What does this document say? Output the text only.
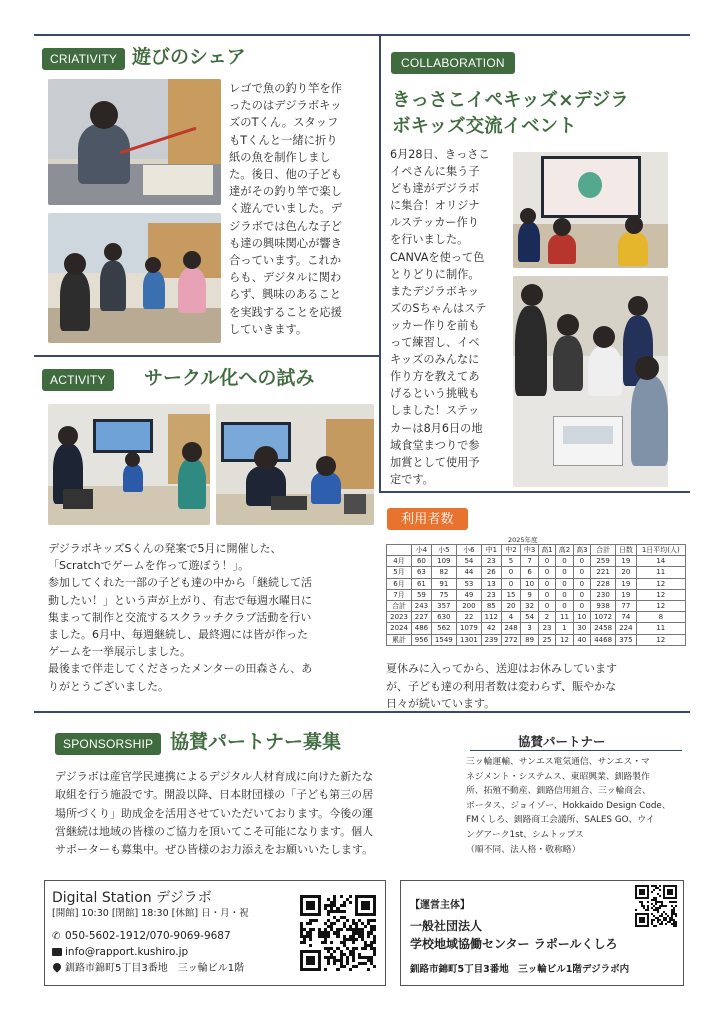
CRIATIVITY 遊びのシェア
レゴで魚の釣り竿を作
ったのはデジラボキッ
ズのTくん。スタッフ
もTくんと一緒に折り
紙の魚を制作しまし
た。後日、他の子ども
達がその釣り竿で楽し
く遊んでいました。デ
ジラボでは色んな子ど
も達の興味関心が響き
合っています。これか
らも、デジタルに関わ
らず、興味のあること
を実践することを応援
していきます。
ACTIVITY	サークル化への試み
デジラボキッズSくんの発案で5月に開催した、
「Scratchでゲームを作って遊ぼう！」。
参加してくれた一部の子ども達の中から「継続して活
動したい！」という声が上がり、有志で毎週水曜日に
集まって制作と交流するスクラッチクラブ活動を行い
ました。6月中、毎週継続し、最終週には皆が作った
ゲームを一挙展示しました。
最後まで伴走してくださったメンターの田森さん、あ
りがとうございました。
COLLABORATION
きっさこイペキッズ×デジラ
ボキッズ交流イベント
6月28日、きっさこ
イペさんに集う子
ども達がデジラボ
に集合！オリジナ
ルステッカー作り
を行いました。
CANVAを使って色
とりどりに制作。
またデジラボキッ
ズのSちゃんはステ
ッカー作りを前も
って練習し、イベ
キッズのみんなに
作り方を教えてあ
げるという挑戦も
しました！ステッ
カーは8月6日の地
域食堂まつりで参
加賞として使用予
定です。
利用者数
2025年度
	小4	小5	小6	中1	中2	中3	高1	高2	高3	合計	日数	1日平均(人)
4月	60	109	54	23	5	7	0	0	0	259	19	14
5月	63	82	44	26	0	6	0	0	0	221	20	11
6月	61	91	53	13	0	10	0	0	0	228	19	12
7月	59	75	49	23	15	9	0	0	0	230	19	12
合計	243	357	200	85	20	32	0	0	0	938	77	12
2023	227	630	22	112	4	54	2	11	10	1072	74	8
2024	486	562	1079	42	248	3	23	1	30	2458	224	11
累計	956	1549	1301	239	272	89	25	12	40	4468	375	12
夏休みに入ってから、送迎はお休みしています
が、子ども達の利用者数は変わらず、賑やかな
日々が続いています。
SPONSORSHIP 協賛パートナー募集
デジラボは産官学民連携によるデジタル人材育成に向けた新たな
取組を行う施設です。開設以降、日本財団様の「子ども第三の居
場所づくり」助成金を活用させていただいております。今後の運
営継続は地域の皆様のご協力を頂いてこそ可能になります。個人
サポーターも募集中。ぜひ皆様のお力添えをお願いいたします。
協賛パートナー
三ッ輪運輸、サンエス電気通信、サンエス・マ
ネジメント・システムス、東昭興業、釧路製作
所、拓殖不動産、釧路信用組合、三ッ輪商会、
ボータス、ジョイゾー、Hokkaido Design Code、
FMくしろ、釧路商工会議所、SALES GO、ウイ
ングアーク1st、シムトップス
（順不同、法人格・敬称略）
Digital Station デジラボ
[開館] 10:30 [閉館] 18:30 [休館] 日・月・祝
✆ 050-5602-1912/070-9069-9687
info@rapport.kushiro.jp
釧路市錦町5丁目3番地　三ッ輪ビル1階
【運営主体】
一般社団法人
学校地域協働センター ラポールくしろ
釧路市錦町5丁目3番地　三ッ輪ビル1階デジラボ内
